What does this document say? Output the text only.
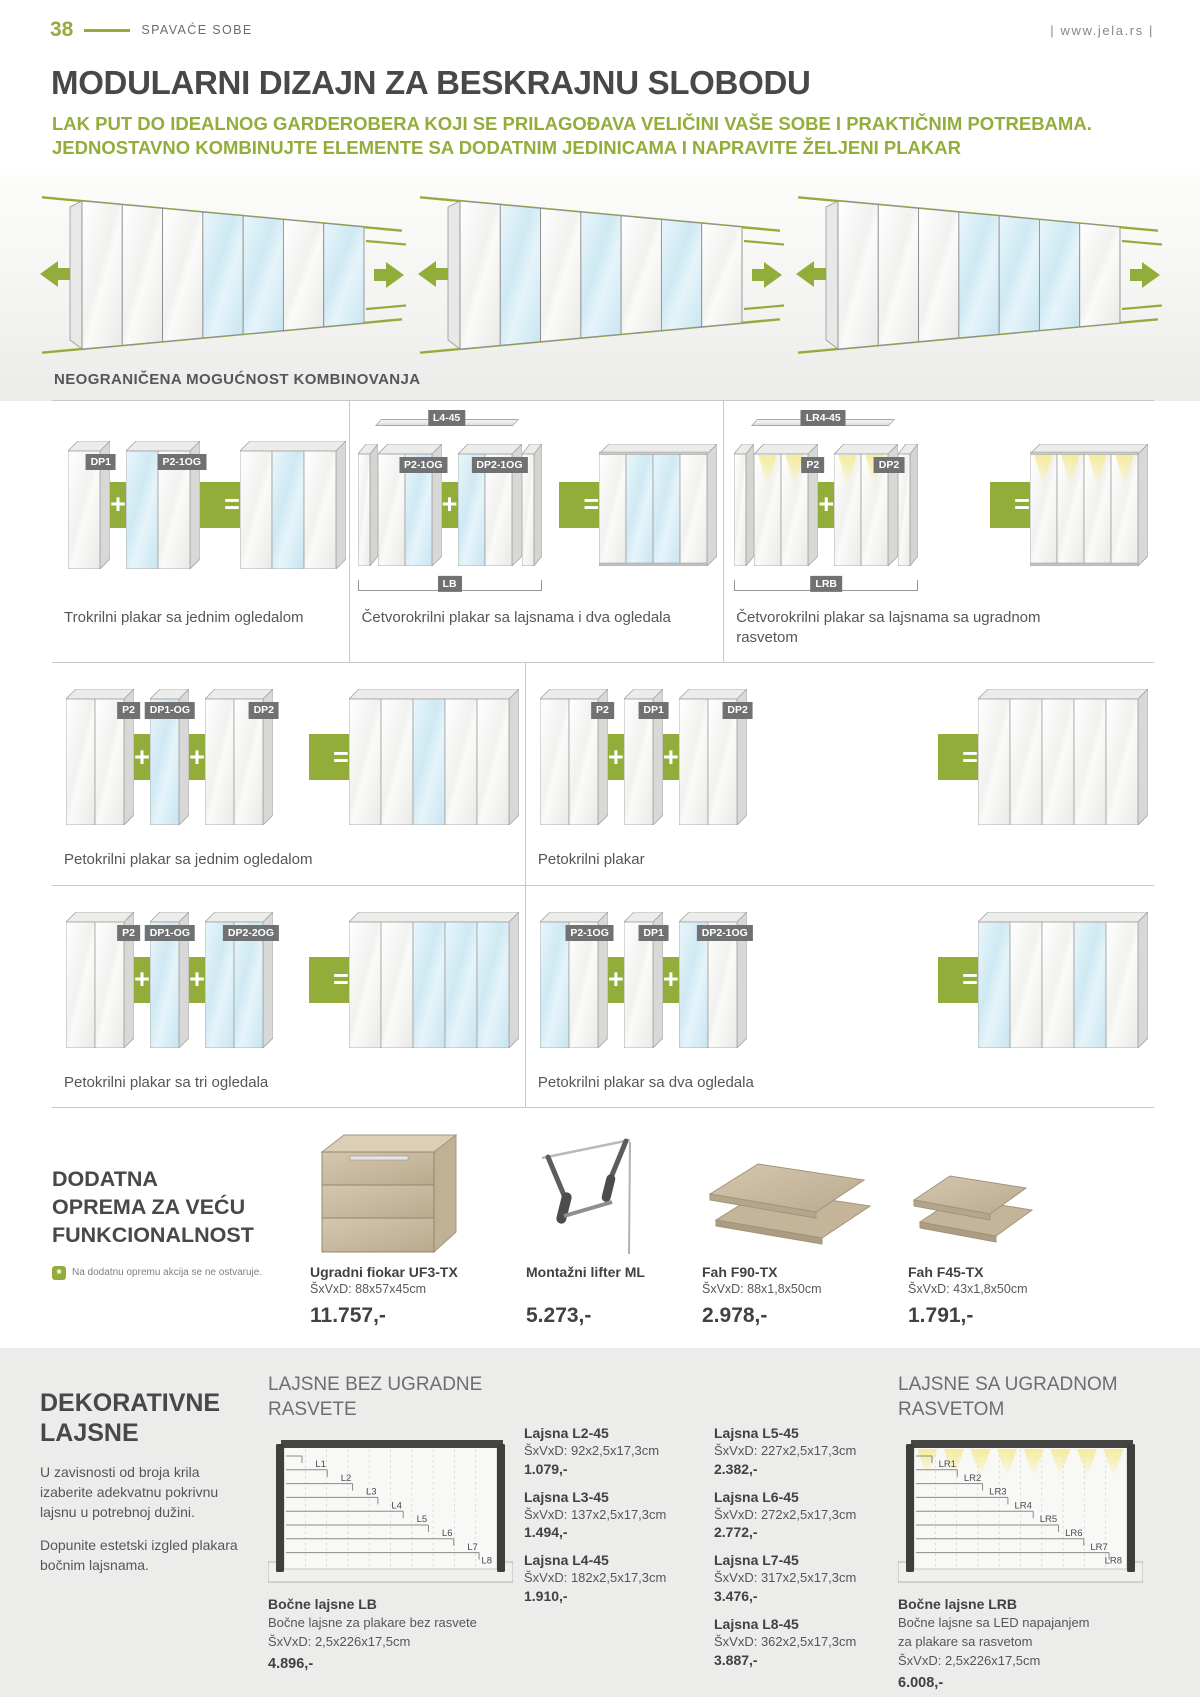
38	SPAVAĆE SOBE	| www.jela.rs |
MODULARNI DIZAJN ZA BESKRAJNU SLOBODU

LAK PUT DO IDEALNOG GARDEROBERA KOJI SE PRILAGOĐAVA VELIČINI VAŠE SOBE I PRAKTIČNIM POTREBAMA. JEDNOSTAVNO KOMBINUJTE ELEMENTE SA DODATNIM JEDINICAMA I NAPRAVITE ŽELJENI PLAKAR

NEOGRANIČENA MOGUĆNOST KOMBINOVANJA
DP1
+
P2-1OG
=
Trokrilni plakar sa jednim ogledalom
P2-1OG
+
DP2-1OG
=
L4-45
LB
Četvorokrilni plakar sa lajsnama i dva ogledala
P2
+
DP2
=
LR4-45
LRB
Četvorokrilni plakar sa lajsnama sa ugradnom
rasvetom
P2
+
DP1-OG
+
DP2
=
Petokrilni plakar sa jednim ogledalom
P2
+
DP1
+
DP2
=
Petokrilni plakar
P2
+
DP1-OG
+
DP2-2OG
=
Petokrilni plakar sa tri ogledala
P2-1OG
+
DP1
+
DP2-1OG
=
Petokrilni plakar sa dva ogledala
DODATNA
OPREMA ZA VEĆU
FUNKCIONALNOST
*	Na dodatnu opremu akcija se ne ostvaruje.	Ugradni fiokar UF3-TX
ŠxVxD: 88x57x45cm
11.757,-
Montažni lifter ML
5.273,-
Fah F90-TX
ŠxVxD: 88x1,8x50cm
2.978,-
Fah F45-TX
ŠxVxD: 43x1,8x50cm
1.791,-
DEKORATIVNE
LAJSNE

U zavisnosti od broja krila izaberite adekvatnu pokrivnu lajsnu u potrebnoj dužini.

Dopunite estetski izgled plakara bočnim lajsnama.

LAJSNE BEZ UGRADNE
RASVETE
L1
L2
L3
L4
L5
L6
L7
L8
Bočne lajsne LB
Bočne lajsne za plakare bez rasvete
ŠxVxD: 2,5x226x17,5cm
4.896,-
Lajsna L2-45
ŠxVxD: 92x2,5x17,3cm
1.079,-
Lajsna L3-45
ŠxVxD: 137x2,5x17,3cm
1.494,-
Lajsna L4-45
ŠxVxD: 182x2,5x17,3cm
1.910,-
Lajsna L5-45
ŠxVxD: 227x2,5x17,3cm
2.382,-
Lajsna L6-45
ŠxVxD: 272x2,5x17,3cm
2.772,-
Lajsna L7-45
ŠxVxD: 317x2,5x17,3cm
3.476,-
Lajsna L8-45
ŠxVxD: 362x2,5x17,3cm
3.887,-
LAJSNE SA UGRADNOM
RASVETOM
LR1
LR2
LR3
LR4
LR5
LR6
LR7
LR8
Bočne lajsne LRB
Bočne lajsne sa LED napajanjem
za plakare sa rasvetom
ŠxVxD: 2,5x226x17,5cm
6.008,-
